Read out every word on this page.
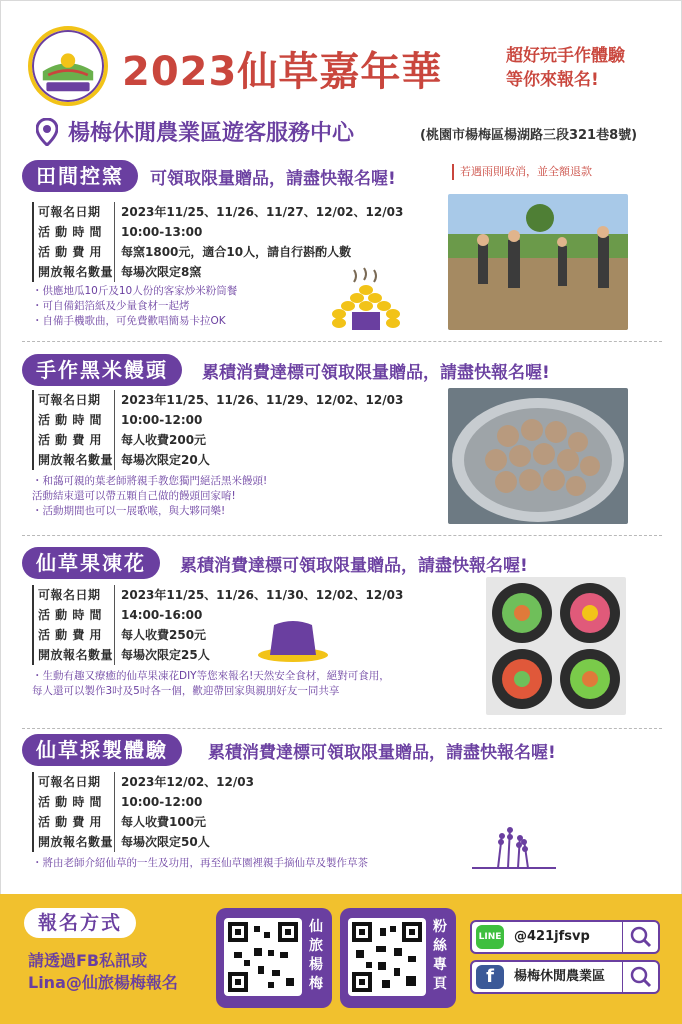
2023仙草嘉年華	超好玩手作體驗
等你來報名!
楊梅休閒農業區遊客服務中心	(桃園市楊梅區楊湖路三段321巷8號)
田間控窯	可領取限量贈品，請盡快報名喔!	若遇雨則取消，並全額退款
可報名日期	2023年11/25、11/26、11/27、12/02、12/03
活 動 時 間	10:00-13:00
活 動 費 用	每窯1800元，適合10人，請自行斟酌人數
開放報名數量 每場次限定8窯
・供應地瓜10斤及10人份的客家炒米粉筒餐
・可自備鋁箔紙及少量食材一起烤
・自備手機歌曲，可免費歡唱簡易卡拉OK
手作黑米饅頭	累積消費達標可領取限量贈品，請盡快報名喔!
可報名日期	2023年11/25、11/26、11/29、12/02、12/03
活 動 時 間	10:00-12:00
活 動 費 用	每人收費200元
開放報名數量 每場次限定20人
・和藹可親的葉老師將親手教您獨門絕活黑米饅頭!
活動結束還可以帶五顆自己做的饅頭回家唷!
・活動期間也可以一展歌喉，與大夥同樂!
仙草果凍花	累積消費達標可領取限量贈品，請盡快報名喔!
可報名日期	2023年11/25、11/26、11/30、12/02、12/03
活 動 時 間	14:00-16:00
活 動 費 用	每人收費250元
開放報名數量 每場次限定25人
・生動有趣又療癒的仙草果凍花DIY等您來報名!天然安全食材，絕對可食用，
每人還可以製作3吋及5吋各一個，歡迎帶回家與親朋好友一同共享
仙草採製體驗	累積消費達標可領取限量贈品，請盡快報名喔!
可報名日期	2023年12/02、12/03
活 動 時 間	10:00-12:00
活 動 費 用	每人收費100元
開放報名數量 每場次限定50人
・將由老師介紹仙草的一生及功用，再至仙草園裡親手摘仙草及製作草茶
報名方式
請透過FB私訊或
Lina@仙旅楊梅報名
仙旅楊梅
粉絲專頁
LINE @421jfsvp
f	楊梅休閒農業區
